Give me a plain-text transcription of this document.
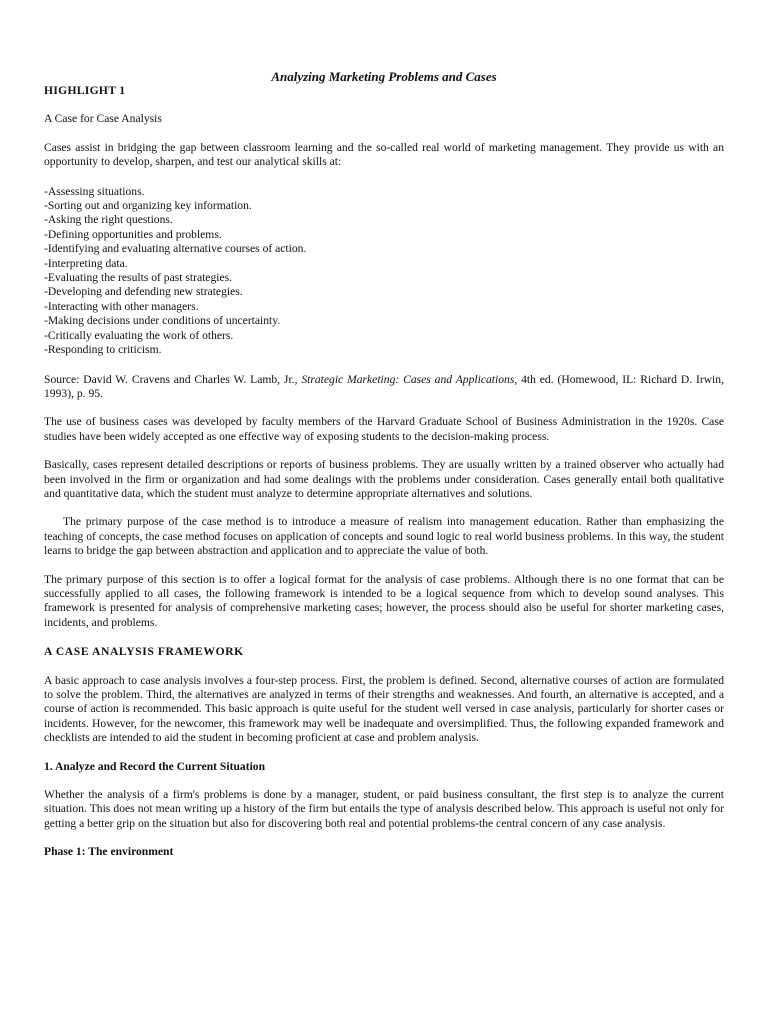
Analyzing Marketing Problems and Cases

HIGHLIGHT 1

A Case for Case Analysis

Cases assist in bridging the gap between classroom learning and the so-called real world of marketing management. They provide us with an opportunity to develop, sharpen, and test our analytical skills at:

-Assessing situations.
-Sorting out and organizing key information.
-Asking the right questions.
-Defining opportunities and problems.
-Identifying and evaluating alternative courses of action.
-Interpreting data.
-Evaluating the results of past strategies.
-Developing and defending new strategies.
-Interacting with other managers.
-Making decisions under conditions of uncertainty.
-Critically evaluating the work of others.
-Responding to criticism.

Source: David W. Cravens and Charles W. Lamb, Jr., Strategic Marketing: Cases and Applications, 4th ed. (Homewood, IL: Richard D. Irwin, 1993), p. 95.

The use of business cases was developed by faculty members of the Harvard Graduate School of Business Administration in the 1920s. Case studies have been widely accepted as one effective way of exposing students to the decision-making process.

Basically, cases represent detailed descriptions or reports of business problems. They are usually written by a trained observer who actually had been involved in the firm or organization and had some dealings with the problems under consideration. Cases generally entail both qualitative and quantitative data, which the student must analyze to determine appropriate alternatives and solutions.

The primary purpose of the case method is to introduce a measure of realism into management education. Rather than emphasizing the teaching of concepts, the case method focuses on application of concepts and sound logic to real world business problems. In this way, the student learns to bridge the gap between abstraction and application and to appreciate the value of both.

The primary purpose of this section is to offer a logical format for the analysis of case problems. Although there is no one format that can be successfully applied to all cases, the following framework is intended to be a logical sequence from which to develop sound analyses. This framework is presented for analysis of comprehensive marketing cases; however, the process should also be useful for shorter marketing cases, incidents, and problems.

A CASE ANALYSIS FRAMEWORK

A basic approach to case analysis involves a four-step process. First, the problem is defined. Second, alternative courses of action are formulated to solve the problem. Third, the alternatives are analyzed in terms of their strengths and weaknesses. And fourth, an alternative is accepted, and a course of action is recommended. This basic approach is quite useful for the student well versed in case analysis, particularly for shorter cases or incidents. However, for the newcomer, this framework may well be inadequate and oversimplified. Thus, the following expanded framework and checklists are intended to aid the student in becoming proficient at case and problem analysis.

1. Analyze and Record the Current Situation

Whether the analysis of a firm's problems is done by a manager, student, or paid business consultant, the first step is to analyze the current situation. This does not mean writing up a history of the firm but entails the type of analysis described below. This approach is useful not only for getting a better grip on the situation but also for discovering both real and potential problems-the central concern of any case analysis.

Phase 1: The environment
